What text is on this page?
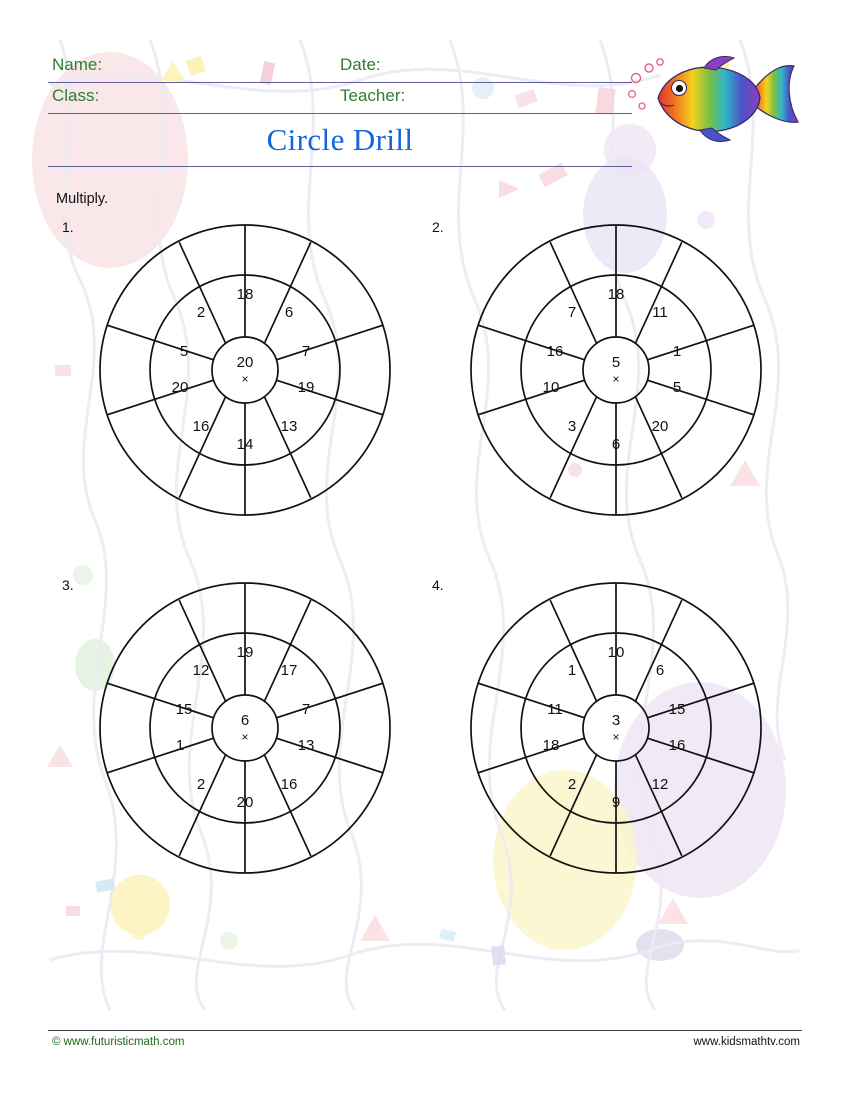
Name:	Date:
Class:	Teacher:
Circle Drill
Multiply.
1.
20
×
18
6
7
19
13
14
16
20
5
2
2.
5
×
18
11
1
5
20
6
3
10
16
7
3.
6
×
19
17
7
13
16
20
2
1
15
12
4.
3
×
10
6
15
16
12
9
2
18
11
1
© www.futuristicmath.com	www.kidsmathtv.com
